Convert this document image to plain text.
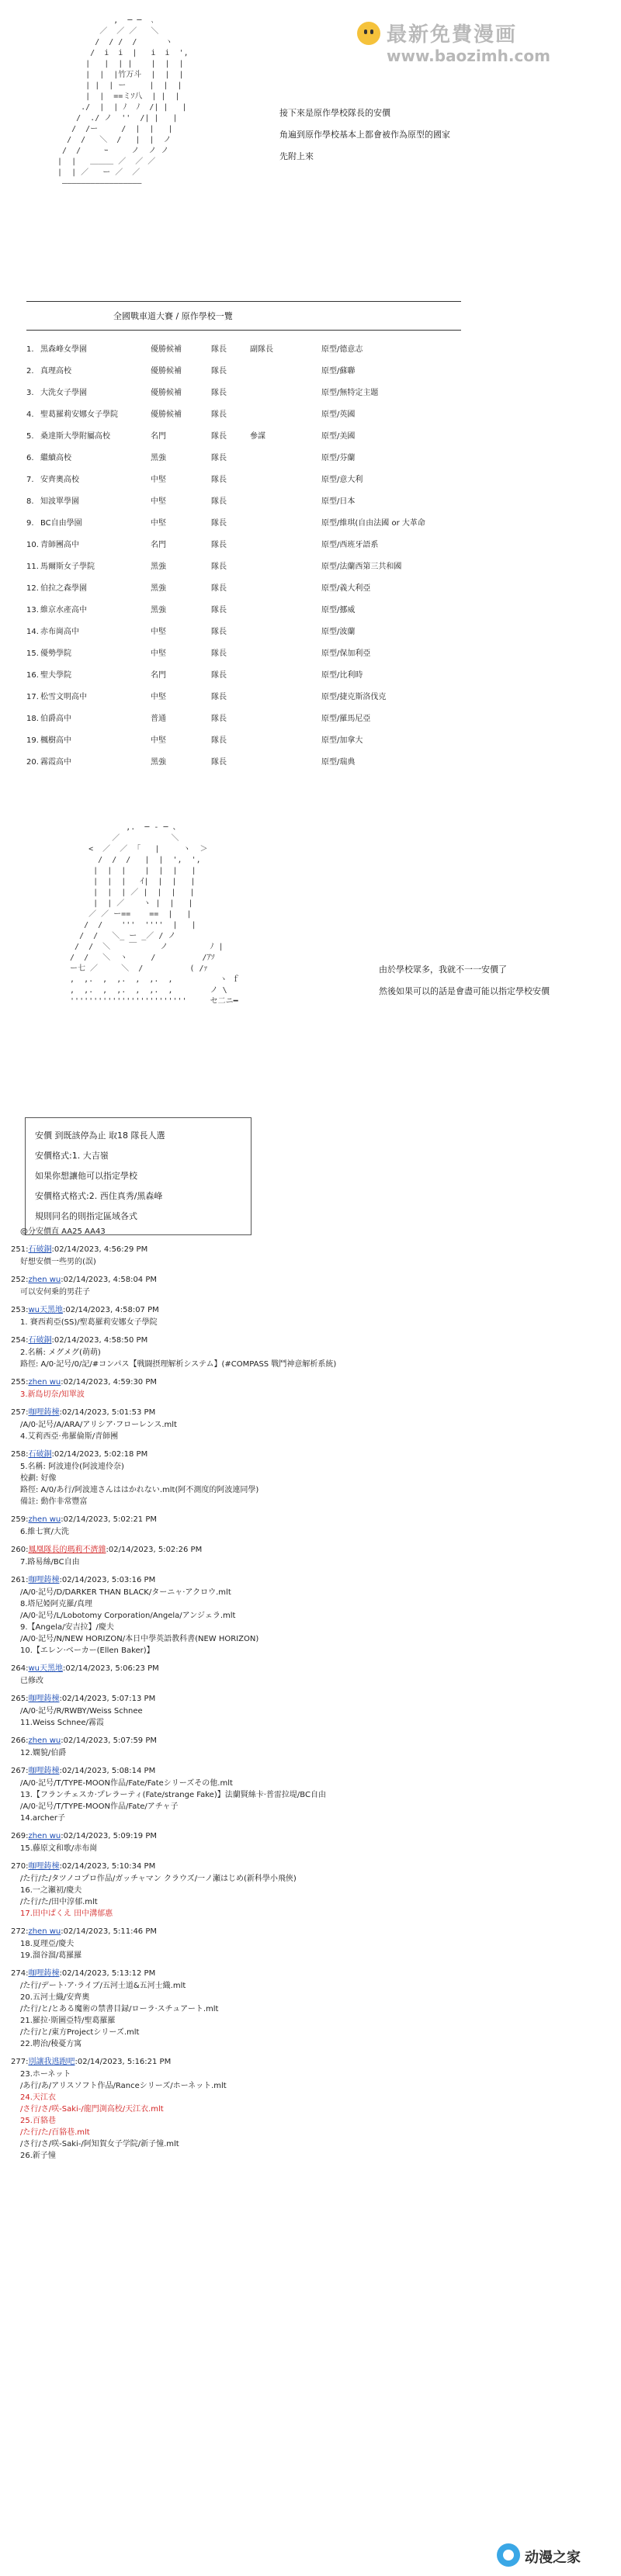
最新免費漫画
www.baozimh.com
,  ─ ─  ､
／  ／ ／   ＼
/  / /  /      ヽ
/  i  i  |   i  i  ',
|   |  | |    |  |  |
|  |  |竹万斗  |  |  |
| |  | ー     |  |  |
|  |  ==ミｿ八  | |  |
./  |  | ﾉ  ﾉ  /| |   |
/  ./ ノ  ''  /| |   |
/  /ー     /  |  |   |
/  /   ＼  /   |  |  ノ
/  /     ｰ     ノ  ノ ノ
|  |   ＿＿＿ ／  ／ ／
|  | ／   ー ／  ／
―――――――――――――――――
接下來是原作學校隊長的安價
角遍到原作學校基本上都會被作為原型的國家
先附上來
全國戰車道大賽 / 原作學校一覽
1. 黒森峰女學園	優勝候補	隊長	副隊長	原型/德意志
2. 真理高校	優勝候補	隊長	原型/蘇聯
3. 大洗女子學園	優勝候補	隊長	原型/無特定主題
4. 聖葛羅莉安娜女子學院	優勝候補	隊長	原型/英國
5. 桑達斯大學附屬高校	名門	隊長	參謀	原型/美國
6. 繼續高校	黑強	隊長	原型/芬蘭
7. 安齊奧高校	中堅	隊長	原型/意大利
8. 知波單學園	中堅	隊長	原型/日本
9. BC自由學園	中堅	隊長	原型/維琪(自由法國 or 大革命
10. 青師團高中	名門	隊長	原型/西班牙語系
11. 馬爾斯女子學院	黑強	隊長	原型/法蘭西第三共和國
12. 伯拉之森學園	黑強	隊長	原型/義大利亞
13. 維京水產高中	黑強	隊長	原型/挪威
14. 赤布崗高中	中堅	隊長	原型/波蘭
15. 優勢學院	中堅	隊長	原型/保加利亞
16. 聖夫學院	名門	隊長	原型/比利時
17. 松雪文明高中	中堅	隊長	原型/捷克斯洛伐克
18. 伯爵高中	普通	隊長	原型/羅馬尼亞
19. 楓樹高中	中堅	隊長	原型/加拿大
20. 霧霞高中	黑強	隊長	原型/瑞典
,.  ─ ‐ ─ 、
／           ＼
<  ／  ／  ｢   |     ヽ  ＞
/  /  /   |  |  ',  ',
|  |  |    |  |  |   |
|  |  |   ｲ|  |  |   |
|  |  | ／ |  |  |   |
|  | ／    ヽ |  |   |
／ ／ ー==    ==  |   |
/  /    '''  ''''  |   |
/  /   ＼_ ー _／ / ノ
/  /  ＼    ￣     ノ         ﾉ |
/  /   ＼  ヽ     /          /ｱｿ
ー七 ／     ＼  /          ( /ｧ
,  ,.  ,  ,.  ,  ,.  ,          ヽ ｆ
,  ,.  ,  ,.  ,  ,.  ,        ノ \
'''''''''''''''''''''''''     セ二ニ━
由於學校眾多，我就不一一安價了
然後如果可以的話是會盡可能以指定學校安價
安價 到既該停為止 取18 隊長人選
安價格式:1. 大吉嶺
如果你想讓他可以指定學校
安價格式格式:2. 西住真秀/黑森峰
規則同名的則指定區域各式
@分安價直 AA25 AA43
251:石破銅:02/14/2023, 4:56:29 PM
好想安價一些男的(誤)
252:zhen wu:02/14/2023, 4:58:04 PM
可以安何乗的男荘子
253:wu天黑地:02/14/2023, 4:58:07 PM
1. 賽西莉亞(SS)/聖葛羅莉安娜女子學院
254:石破銅:02/14/2023, 4:58:50 PM
2.名稱: メグメグ(萌萌)
路徑: A/0·記号/0/記/#コンパス【戦闘摂理解析システム】(#COMPASS 戰鬥神意解析系統)
255:zhen wu:02/14/2023, 4:59:30 PM
3.新島切奈/知單波
257:咖哩鋳棟:02/14/2023, 5:01:53 PM
/A/0·記号/A/ARA/アリシア·フローレンス.mlt
4.艾莉西亞·弗羅倫斯/青師團
258:石破銅:02/14/2023, 5:02:18 PM
5.名稱: 阿波連伶(阿波連伶奈)
校劃: 好像
路徑: A/0/あ行/阿波連さんははかれない.mlt(阿不測度的阿波連同學)
備註: 動作非常豐富
259:zhen wu:02/14/2023, 5:02:21 PM
6.維七實/大洗
260:鳳凰隊長的瑪莉不濟雜:02/14/2023, 5:02:26 PM
7.路易絲/BC自由
261:咖哩鋳棟:02/14/2023, 5:03:16 PM
/A/0·記号/D/DARKER THAN BLACK/ターニャ·アクロウ.mlt
8.塔尼婭阿克羅/真理
/A/0·記号/L/Lobotomy Corporation/Angela/アンジェラ.mlt
9.【Angela/安吉拉】/慶夫
/A/0·記号/N/NEW HORIZON/本日中學英語教科書(NEW HORIZON)
10.【エレン·ベーカー(Ellen Baker)】
264:wu天黑地:02/14/2023, 5:06:23 PM
已修改
265:咖哩鋳棟:02/14/2023, 5:07:13 PM
/A/0·記号/R/RWBY/Weiss Schnee
11.Weiss Schnee/霧霞
266:zhen wu:02/14/2023, 5:07:59 PM
12.嫻貌/伯爵
267:咖哩鋳棟:02/14/2023, 5:08:14 PM
/A/0·記号/T/TYPE-MOON作品/Fate/Fateシリーズその他.mlt
13.【フランチェスカ·プレラーティ(Fate/strange Fake)】法蘭賢絲卡·普雷拉堤/BC自由
/A/0·記号/T/TYPE-MOON作品/Fate/アチャ子
14.archer子
269:zhen wu:02/14/2023, 5:09:19 PM
15.藤原文和歌/赤布崗
270:咖哩鋳棟:02/14/2023, 5:10:34 PM
/た行/た/タツノコプロ作品/ガッチャマン クラウズ/一ノ瀬はじめ(新科學小飛俠)
16.一之瀬初/慶夫
/た行/た/田中淳郁.mlt
17.田中ぱくえ 田中溝郁惠
272:zhen wu:02/14/2023, 5:11:46 PM
18.夏理亞/慶夫
19.溜谷溜/葛羅羅
274:咖哩鋳棟:02/14/2023, 5:13:12 PM
/た行/デート·ア·ライブ/五河士道&五河士織.mlt
20.五河士織/安齊奧
/た行/と/とある魔術の禁書目録/ローラ·スチュアート.mlt
21.羅拉·斯圖亞特/聖葛羅羅
/た行/と/東方Projectシリーズ.mlt
22.聘治/稜憂方寓
277:別讓我逃跑吧:02/14/2023, 5:16:21 PM
23.ホーネット
/あ行/あ/アリスソフト作品/Ranceシリーズ/ホーネット.mlt
24.天江衣
/さ行/さ/咲-Saki-/龍門渕高校/天江衣.mlt
25.百貉巷
/た行/た/百貉巷.mlt
/さ行/さ/咲-Saki-/阿知賀女子学院/新子憧.mlt
26.新子憧
动漫之家
